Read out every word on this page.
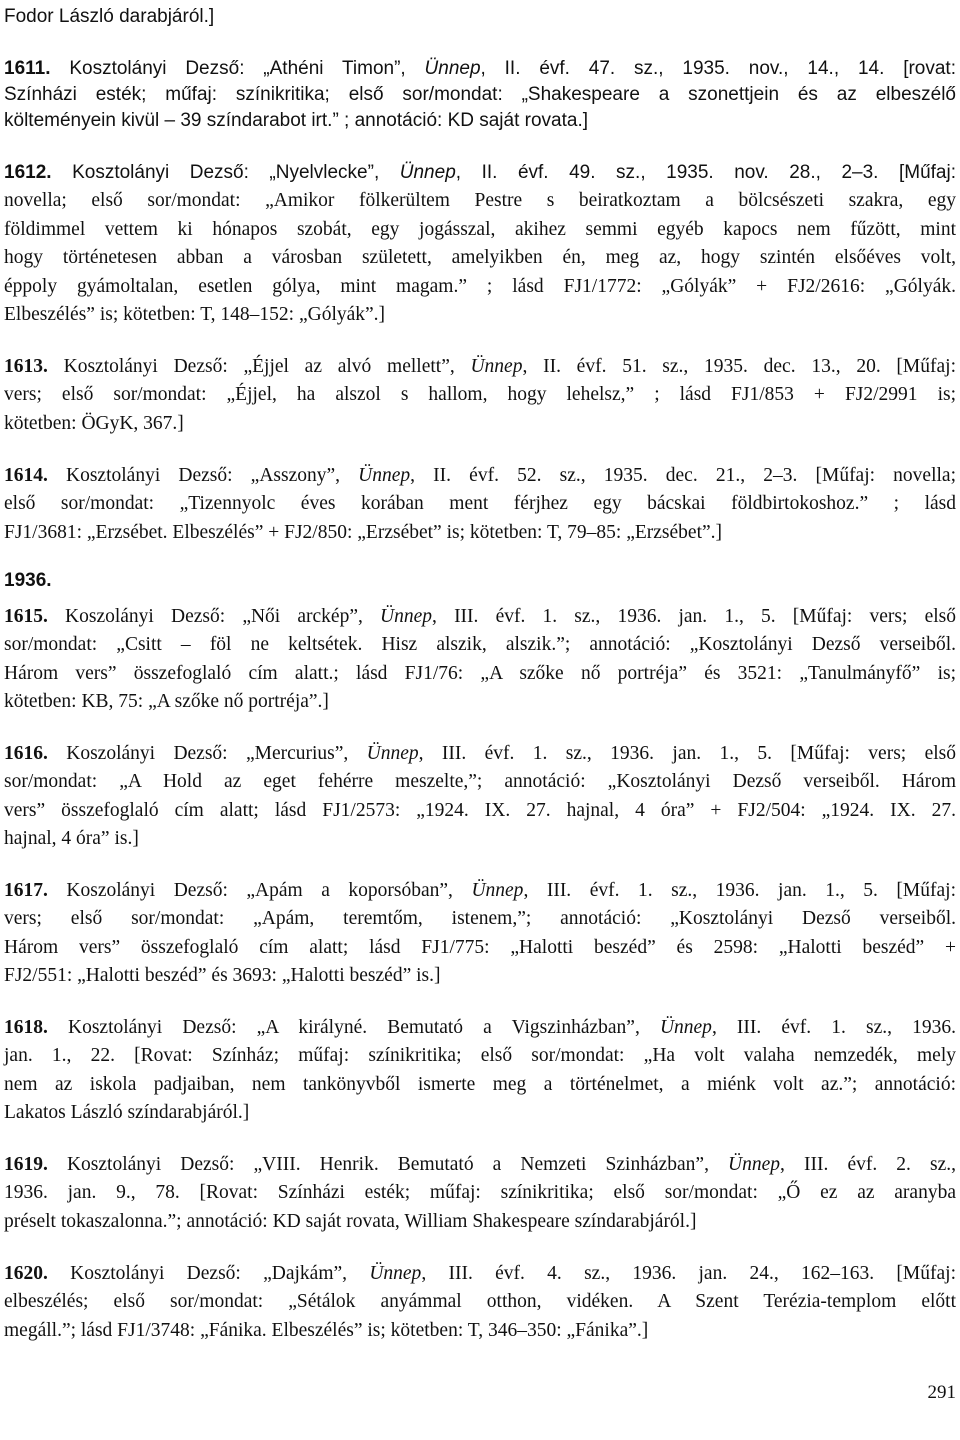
Fodor László darabjáról.]
1611. Kosztolányi Dezső: „Athéni Timon”, Ünnep, II. évf. 47. sz., 1935. nov., 14., 14. [rovat:
Színházi esték; műfaj: színikritika; első sor/mondat: „Shakespeare a szonettjein és az elbeszélő
költeményein kivül – 39 színdarabot irt.” ; annotáció: KD saját rovata.]
1612. Kosztolányi Dezső: „Nyelvlecke”, Ünnep, II. évf. 49. sz., 1935. nov. 28., 2–3. [Műfaj:
novella; első sor/mondat: „Amikor fölkerültem Pestre s beiratkoztam a bölcsészeti szakra, egy
földimmel vettem ki hónapos szobát, egy jogásszal, akihez semmi egyéb kapocs nem fűzött, mint
hogy történetesen abban a városban született, amelyikben én, meg az, hogy szintén elsőéves volt,
éppoly gyámoltalan, esetlen gólya, mint magam.” ; lásd FJ1/1772: „Gólyák” + FJ2/2616: „Gólyák.
Elbeszélés” is; kötetben: T, 148–152: „Gólyák”.]
1613. Kosztolányi Dezső: „Éjjel az alvó mellett”, Ünnep, II. évf. 51. sz., 1935. dec. 13., 20. [Műfaj:
vers; első sor/mondat: „Éjjel, ha alszol s hallom, hogy lehelsz,” ; lásd FJ1/853 + FJ2/2991 is;
kötetben: ÖGyK, 367.]
1614. Kosztolányi Dezső: „Asszony”, Ünnep, II. évf. 52. sz., 1935. dec. 21., 2–3. [Műfaj: novella;
első sor/mondat: „Tizennyolc éves korában ment férjhez egy bácskai földbirtokoshoz.” ; lásd
FJ1/3681: „Erzsébet. Elbeszélés” + FJ2/850: „Erzsébet” is; kötetben: T, 79–85: „Erzsébet”.]
1936.
1615. Koszolányi Dezső: „Női arckép”, Ünnep, III. évf. 1. sz., 1936. jan. 1., 5. [Műfaj: vers; első
sor/mondat: „Csitt – föl ne keltsétek. Hisz alszik, alszik.”; annotáció: „Kosztolányi Dezső verseiből.
Három vers” összefoglaló cím alatt.; lásd FJ1/76: „A szőke nő portréja” és 3521: „Tanulmányfő” is;
kötetben: KB, 75: „A szőke nő portréja”.]
1616. Koszolányi Dezső: „Mercurius”, Ünnep, III. évf. 1. sz., 1936. jan. 1., 5. [Műfaj: vers; első
sor/mondat: „A Hold az eget fehérre meszelte,”; annotáció: „Kosztolányi Dezső verseiből. Három
vers” összefoglaló cím alatt; lásd FJ1/2573: „1924. IX. 27. hajnal, 4 óra” + FJ2/504: „1924. IX. 27.
hajnal, 4 óra” is.]
1617. Koszolányi Dezső: „Apám a koporsóban”, Ünnep, III. évf. 1. sz., 1936. jan. 1., 5. [Műfaj:
vers; első sor/mondat: „Apám, teremtőm, istenem,”; annotáció: „Kosztolányi Dezső verseiből.
Három vers” összefoglaló cím alatt; lásd FJ1/775: „Halotti beszéd” és 2598: „Halotti beszéd” +
FJ2/551: „Halotti beszéd” és 3693: „Halotti beszéd” is.]
1618. Kosztolányi Dezső: „A királyné. Bemutató a Vigszinházban”, Ünnep, III. évf. 1. sz., 1936.
jan. 1., 22. [Rovat: Színház; műfaj: színikritika; első sor/mondat: „Ha volt valaha nemzedék, mely
nem az iskola padjaiban, nem tankönyvből ismerte meg a történelmet, a miénk volt az.”; annotáció:
Lakatos László színdarabjáról.]
1619. Kosztolányi Dezső: „VIII. Henrik. Bemutató a Nemzeti Szinházban”, Ünnep, III. évf. 2. sz.,
1936. jan. 9., 78. [Rovat: Színházi esték; műfaj: színikritika; első sor/mondat: „Ő ez az aranyba
préselt tokaszalonna.”; annotáció: KD saját rovata, William Shakespeare színdarabjáról.]
1620. Kosztolányi Dezső: „Dajkám”, Ünnep, III. évf. 4. sz., 1936. jan. 24., 162–163. [Műfaj:
elbeszélés; első sor/mondat: „Sétálok anyámmal otthon, vidéken. A Szent Terézia-templom előtt
megáll.”; lásd FJ1/3748: „Fánika. Elbeszélés” is; kötetben: T, 346–350: „Fánika”.]
291
